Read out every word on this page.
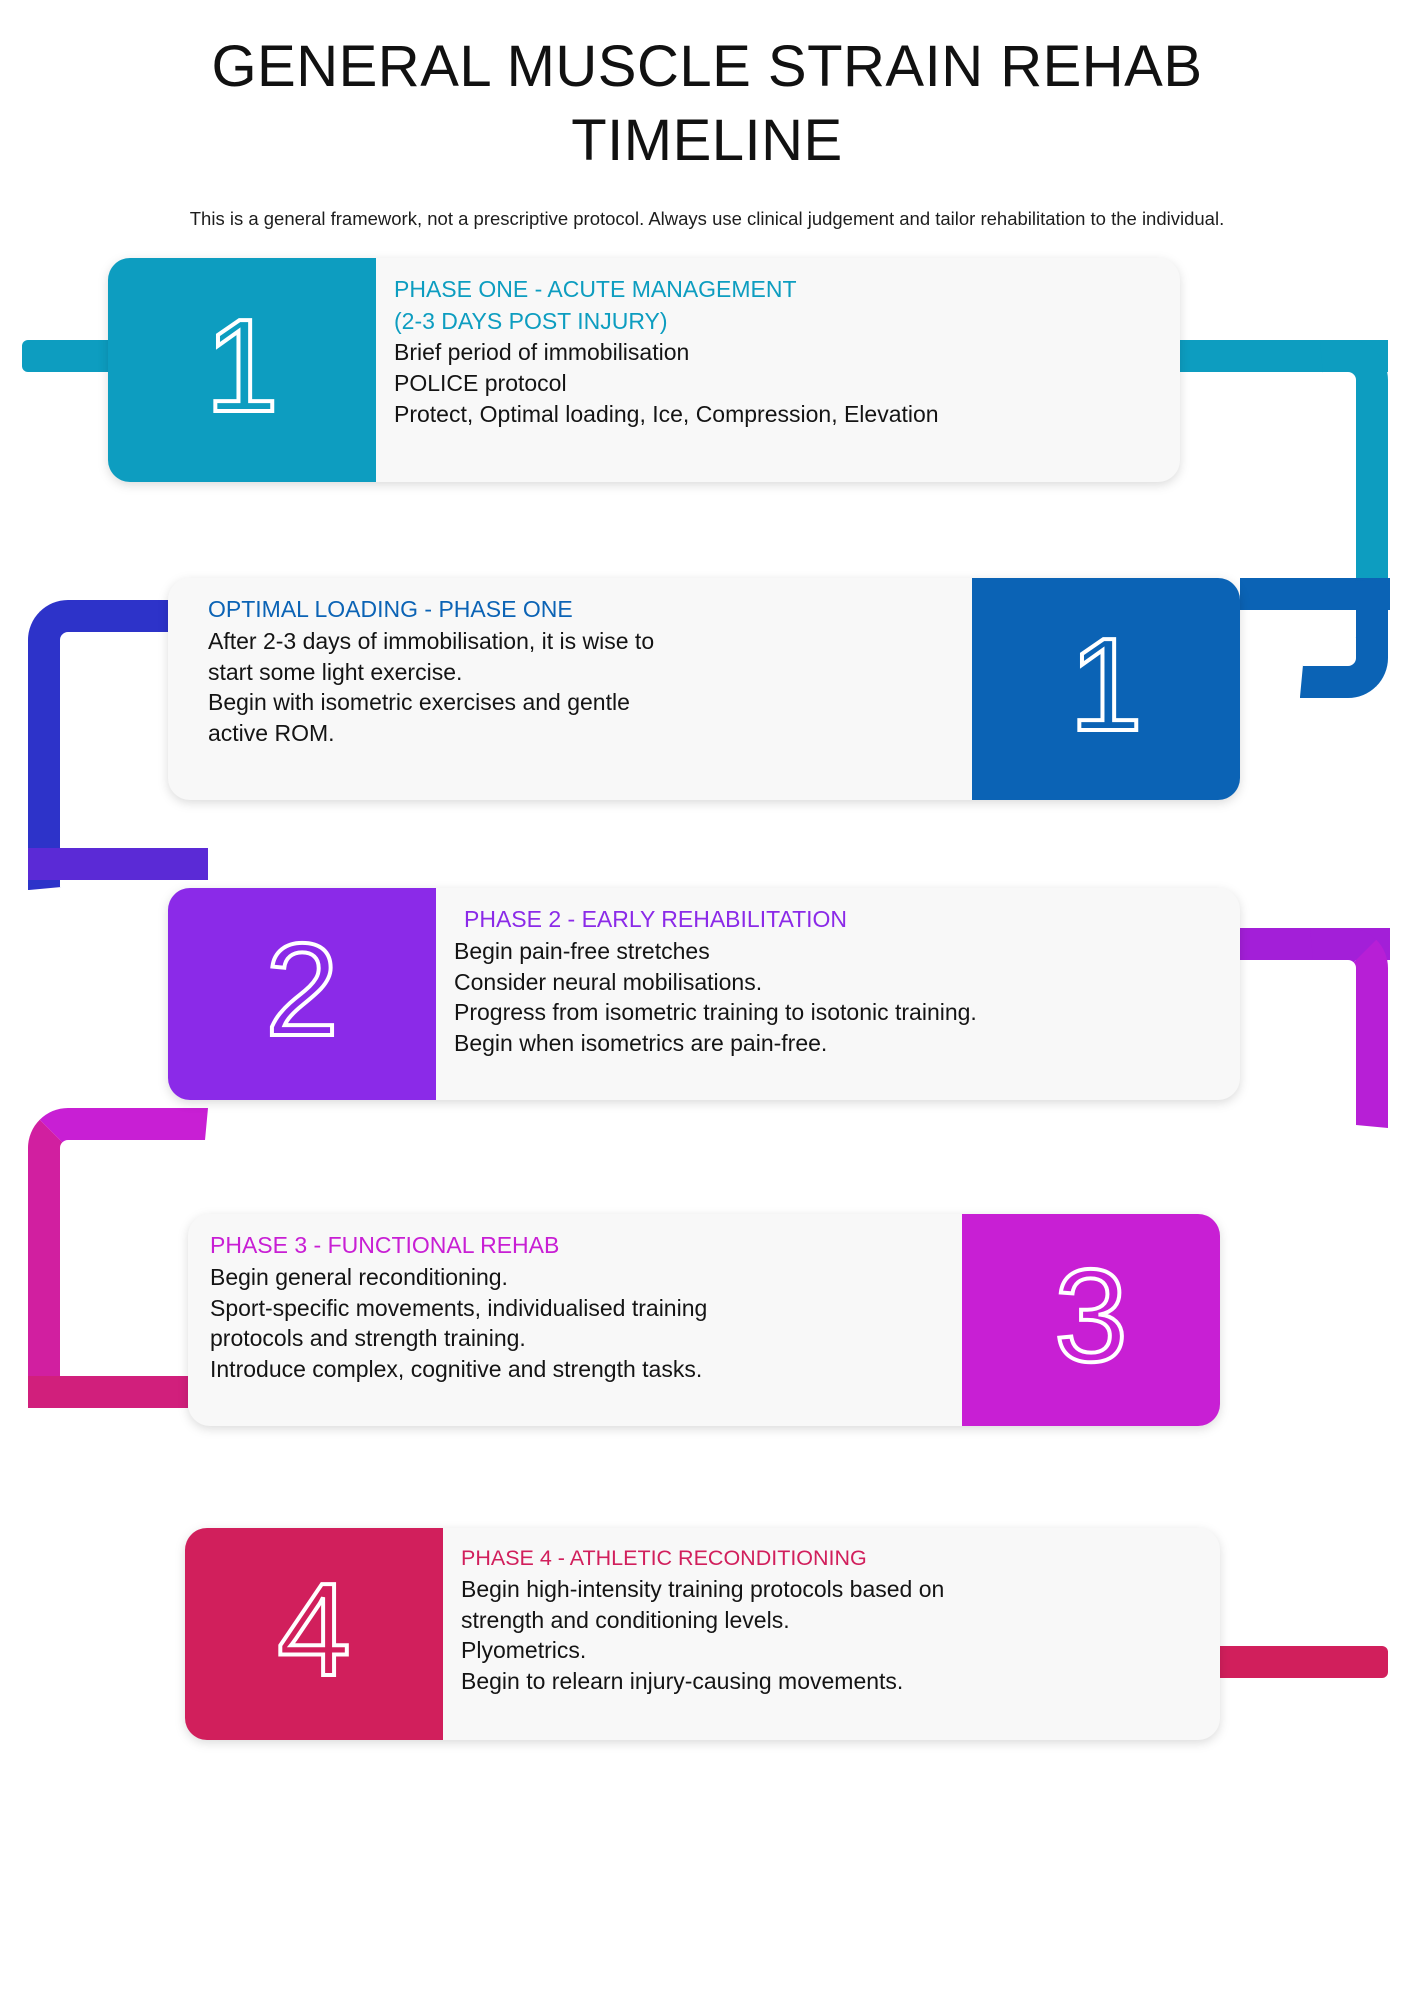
GENERAL MUSCLE STRAIN REHAB TIMELINE
This is a general framework, not a prescriptive protocol. Always use clinical judgement and tailor rehabilitation to the individual.
1
PHASE ONE - ACUTE MANAGEMENT
(2-3 DAYS POST INJURY)
Brief period of immobilisation
POLICE protocol
Protect, Optimal loading, Ice, Compression, Elevation
OPTIMAL LOADING - PHASE ONE
After 2-3 days of immobilisation, it is wise to
start some light exercise.
Begin with isometric exercises and gentle
active ROM.	1
2	PHASE 2 - EARLY REHABILITATION
Begin pain-free stretches
Consider neural mobilisations.
Progress from isometric training to isotonic training.
Begin when isometrics are pain-free.
PHASE 3 - FUNCTIONAL REHAB
Begin general reconditioning.
Sport-specific movements, individualised training
protocols and strength training.
Introduce complex, cognitive and strength tasks.	3
4	PHASE 4 - ATHLETIC RECONDITIONING
Begin high-intensity training protocols based on
strength and conditioning levels.
Plyometrics.
Begin to relearn injury-causing movements.
